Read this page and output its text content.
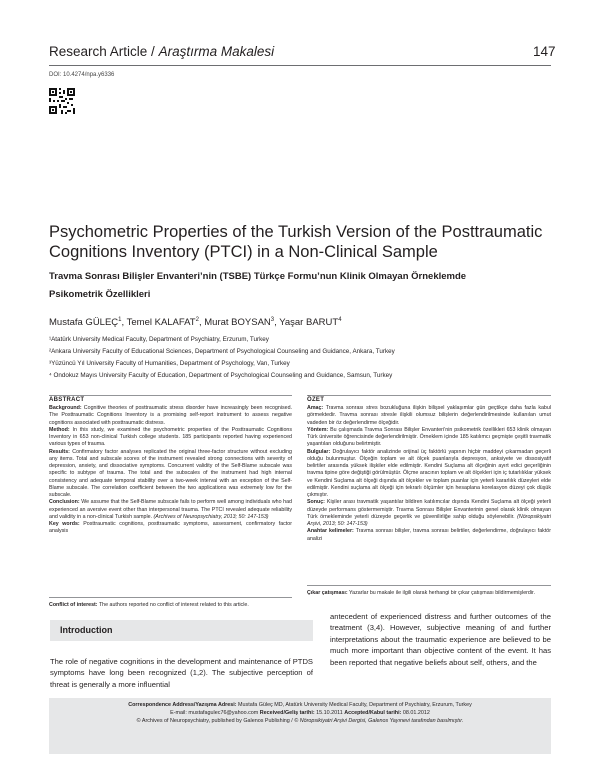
Research Article / Araştırma Makalesi	147
DOI: 10.4274/npa.y6336
Psychometric Properties of the Turkish Version of the Posttraumatic
Cognitions Inventory (PTCI) in a Non-Clinical Sample
Travma Sonrası Bilişler Envanteri’nin (TSBE) Türkçe Formu’nun Klinik Olmayan Örneklemde
Psikometrik Özellikleri
Mustafa GÜLEÇ$^1$, Temel KALAFAT$^2$, Murat BOYSAN$^3$, Yaşar BARUT$^4$
¹Atatürk University Medical Faculty, Department of Psychiatry, Erzurum, Turkey
²Ankara University Faculty of Educational Sciences, Department of Psychological Counseling and Guidance, Ankara, Turkey
³Yüzüncü Yıl University Faculty of Humanities, Department of Psychology, Van, Turkey
⁴ Ondokuz Mayıs University Faculty of Education, Department of Psychological Counseling and Guidance, Samsun, Turkey
ABSTRACT
Background: Cognitive theories of posttraumatic stress disorder have increasingly been recognised. The Posttraumatic Cognitions Inventory is a promising self-report instrument to assess negative cognitions associated with posttraumatic distress.
Method: In this study, we examined the psychometric properties of the Posttraumatic Cognitions Inventory in 653 non-clinical Turkish college students. 185 participants reported having experienced various types of trauma.
Results: Confirmatory factor analyses replicated the original three-factor structure without excluding any items. Total and subscale scores of the instrument revealed strong connections with severity of depression, anxiety, and dissociative symptoms. Concurrent validity of the Self-Blame subscale was specific to subtype of trauma. The total and the subscales of the instrument had high internal consistency and adequate temporal stability over a two-week interval with an exception of the Self-Blame subscale. The correlation coefficient between the two applications was extremely low for the subscale.
Conclusion: We assume that the Self-Blame subscale fails to perform well among individuals who had experienced an aversive event other than interpersonal trauma. The PTCI revealed adequate reliability and validity in a non-clinical Turkish sample. (Archives of Neuropsychiatry, 2013; 50: 147-153)
Key words: Posttraumatic cognitions, posttraumatic symptoms, assessment, confirmatory factor analysis
Conflict of interest: The authors reported no conflict of interest related to this article.
ÖZET
Amaç: Travma sonrası stres bozukluğuna ilişkin bilişsel yaklaşımlar gün geçtikçe daha fazla kabul görmektedir. Travma sonrası stresle ilişkili olumsuz bilişlerin değerlendirilmesinde kullanılan umut vadeden bir öz değerlendirme ölçeğidir.
Yöntem: Bu çalışmada Travma Sonrası Bilişler Envanteri’nin psikometrik özellikleri 653 klinik olmayan Türk üniversite öğrencisinde değerlendirilmiştir. Örneklem içinde 185 katılımcı geçmişte çeşitli travmatik yaşantıları olduğunu belirtmiştir.
Bulgular: Doğrulayıcı faktör analizinde orijinal üç faktörlü yapının hiçbir maddeyi çıkarmadan geçerli olduğu bulunmuştur. Ölçeğin toplam ve alt ölçek puanlarıyla depresyon, anksiyete ve dissosiyatif belirtiler arasında yüksek ilişkiler elde edilmiştir. Kendini Suçlama alt ölçeğinin ayırt edici geçerliğinin travma tipine göre değiştiği görülmüştür. Ölçme aracının toplam ve alt ölçekleri için iç tutarlılıklar yüksek ve Kendini Suçlama alt ölçeği dışında alt ölçekler ve toplam puanlar için yeterli kararlılık düzeyleri elde edilmiştir. Kendini suçlama alt ölçeği için tekrarlı ölçümler için hesaplana korelasyon düzeyi çok düşük çıkmıştır.
Sonuç: Kişiler arası travmatik yaşantılar bildiren katılımcılar dışında Kendini Suçlama alt ölçeği yeterli düzeyde performans göstermemiştir. Travma Sonrası Bilişler Envanterinin genel olarak klinik olmayan Türk örnekleminde yeterli düzeyde geçerlik ve güvenilirliğe sahip olduğu söylenebilir. (Nöropsikiyatri Arşivi, 2013; 50: 147-153)
Anahtar kelimeler: Travma sonrası bilişler, travma sonrası belirtiler, değerlendirme, doğrulayıcı faktör analizi
Çıkar çatışması: Yazarlar bu makale ile ilgili olarak herhangi bir çıkar çatışması bildirmemişlerdir.
Introduction
The role of negative cognitions in the development and maintenance of PTDS symptoms have long been recognized (1,2). The subjective perception of threat is generally a more influential
antecedent of experienced distress and further outcomes of the treatment (3,4). However, subjective meaning of and further interpretations about the traumatic experience are believed to be much more important than objective content of the event. It has been reported that negative beliefs about self, others, and the
Correspondence Address/Yazışma Adresi: Mustafa Güleç MD, Atatürk University Medical Faculty, Department of Psychiatry, Erzurum, Turkey
E-mail: mustafagulec76@yahoo.com Received/Geliş tarihi: 15.10.2011 Accepted/Kabul tarihi: 08.01.2012
© Archives of Neuropsychiatry, published by Galenos Publishing / © Nöropsikiyatri Arşivi Dergisi, Galenos Yayınevi tarafından basılmıştır.
